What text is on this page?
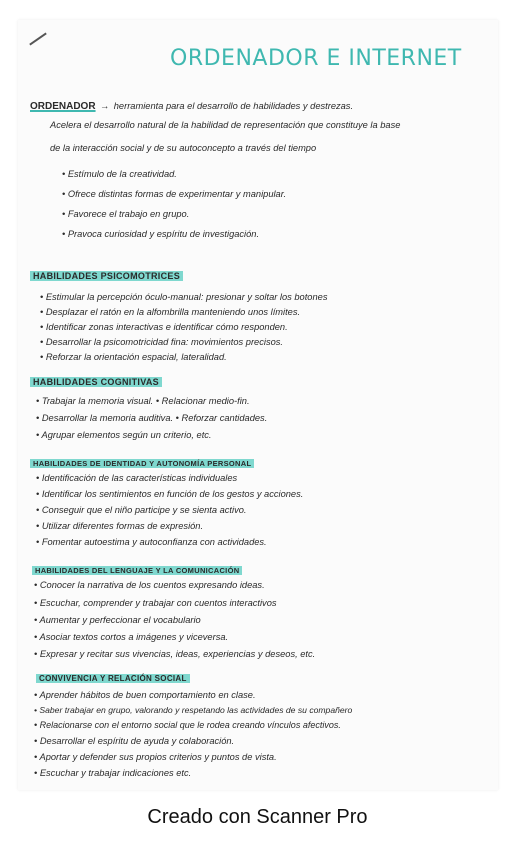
ORDENADOR E INTERNET
ORDENADOR → herramienta para el desarrollo de habilidades y destrezas.
Acelera el desarrollo natural de la habilidad de representación que constituye la base
de la interacción social y de su autoconcepto a través del tiempo
• Estímulo de la creatividad.
• Ofrece distintas formas de experimentar y manipular.
• Favorece el trabajo en grupo.
• Pravoca curiosidad y espíritu de investigación.
HABILIDADES PSICOMOTRICES
• Estimular la percepción óculo-manual: presionar y soltar los botones
• Desplazar el ratón en la alfombrilla manteniendo unos límites.
• Identificar zonas interactivas e identificar cómo responden.
• Desarrollar la psicomotricidad fina: movimientos precisos.
• Reforzar la orientación espacial, lateralidad.
HABILIDADES COGNITIVAS
• Trabajar la memoria visual. • Relacionar medio-fin.
• Desarrollar la memoria auditiva. • Reforzar cantidades.
• Agrupar elementos según un criterio, etc.
HABILIDADES DE IDENTIDAD Y AUTONOMÍA PERSONAL
• Identificación de las características individuales
• Identificar los sentimientos en función de los gestos y acciones.
• Conseguir que el niño participe y se sienta activo.
• Utilizar diferentes formas de expresión.
• Fomentar autoestima y autoconfianza con actividades.
HABILIDADES DEL LENGUAJE Y LA COMUNICACIÓN
• Conocer la narrativa de los cuentos expresando ideas.
• Escuchar, comprender y trabajar con cuentos interactivos
• Aumentar y perfeccionar el vocabulario
• Asociar textos cortos a imágenes y viceversa.
• Expresar y recitar sus vivencias, ideas, experiencias y deseos, etc.
CONVIVENCIA Y RELACIÓN SOCIAL
• Aprender hábitos de buen comportamiento en clase.
• Saber trabajar en grupo, valorando y respetando las actividades de su compañero
• Relacionarse con el entorno social que le rodea creando vínculos afectivos.
• Desarrollar el espíritu de ayuda y colaboración.
• Aportar y defender sus propios criterios y puntos de vista.
• Escuchar y trabajar indicaciones etc.
Creado con Scanner Pro
